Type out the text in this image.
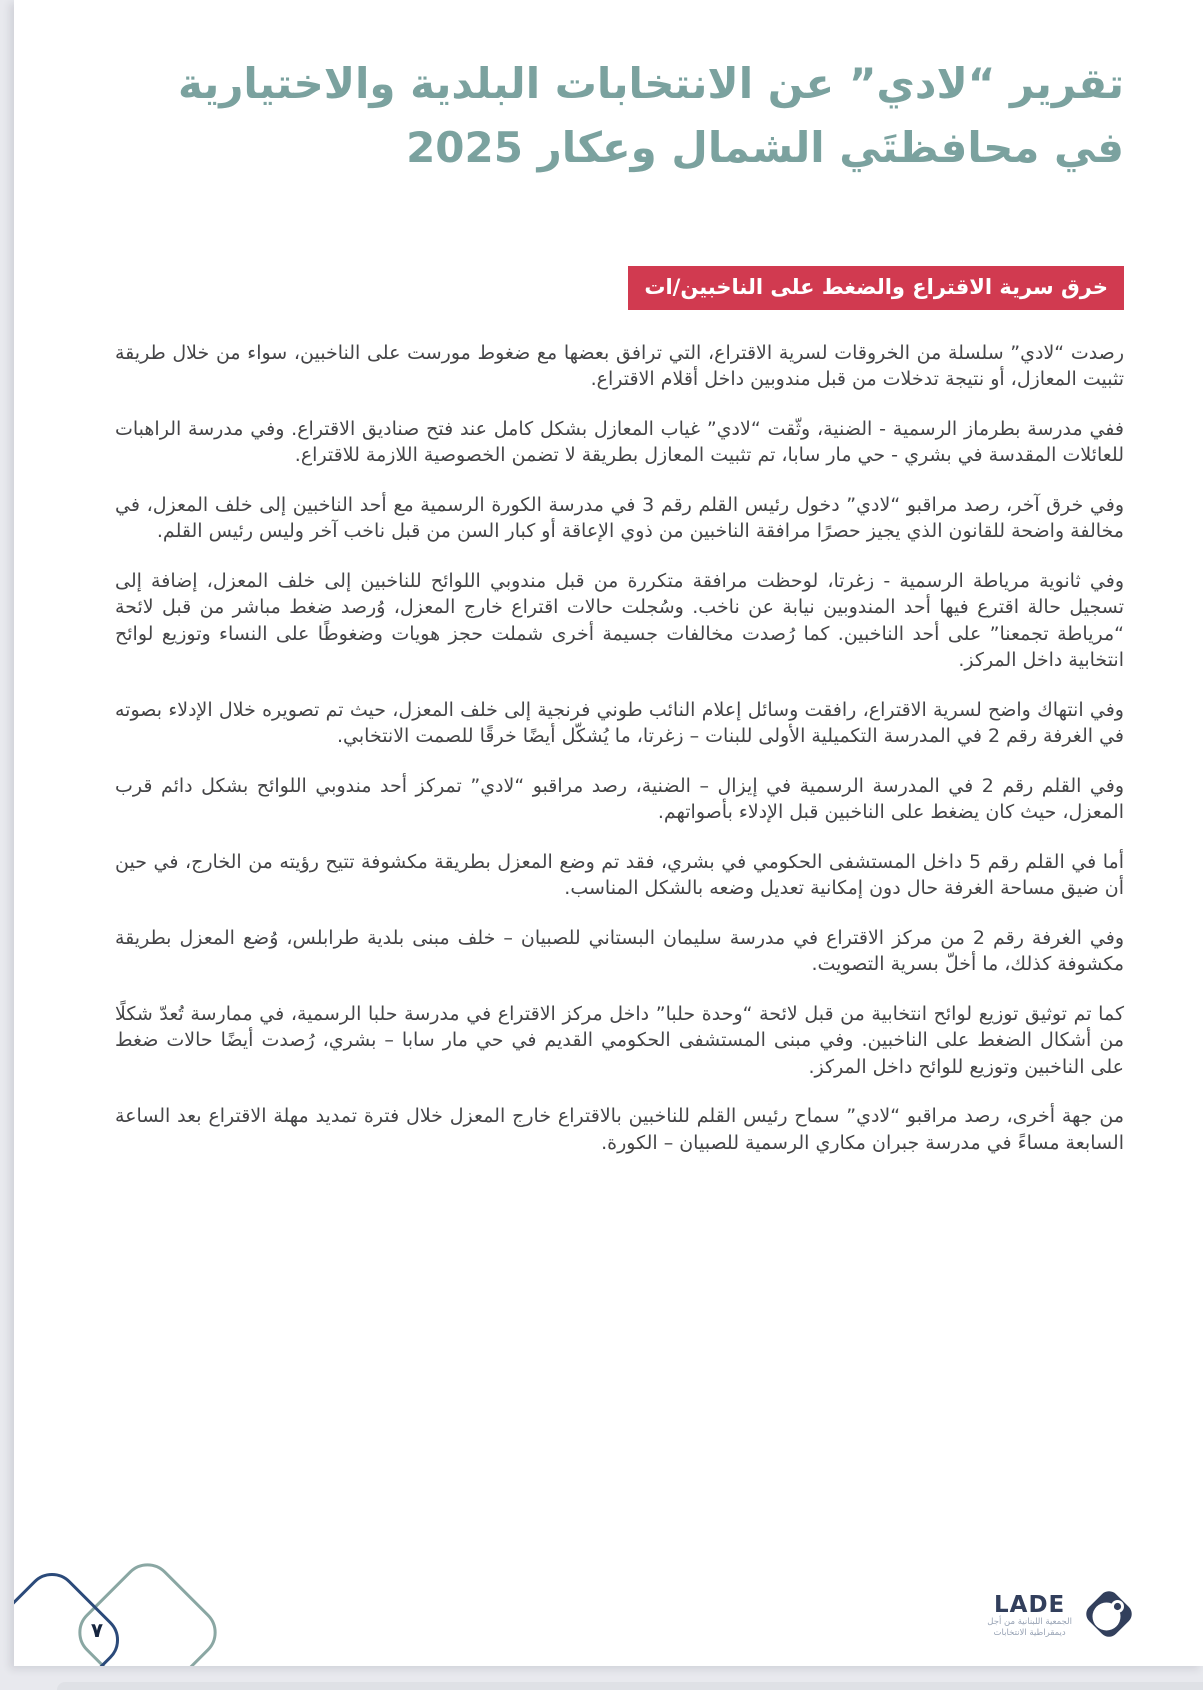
تقرير “لادي” عن الانتخابات البلدية والاختيارية
في محافظتَي الشمال وعكار 2025
خرق سرية الاقتراع والضغط على الناخبين/ات

رصدت “لادي” سلسلة من الخروقات لسرية الاقتراع، التي ترافق بعضها مع ضغوط مورست على الناخبين، سواء من خلال طريقة تثبيت المعازل، أو نتيجة تدخلات من قبل مندوبين داخل أقلام الاقتراع.

ففي مدرسة بطرماز الرسمية - الضنية، وثّقت “لادي” غياب المعازل بشكل كامل عند فتح صناديق الاقتراع. وفي مدرسة الراهبات للعائلات المقدسة في بشري - حي مار سابا، تم تثبيت المعازل بطريقة لا تضمن الخصوصية اللازمة للاقتراع.

وفي خرق آخر، رصد مراقبو “لادي” دخول رئيس القلم رقم 3 في مدرسة الكورة الرسمية مع أحد الناخبين إلى خلف المعزل، في مخالفة واضحة للقانون الذي يجيز حصرًا مرافقة الناخبين من ذوي الإعاقة أو كبار السن من قبل ناخب آخر وليس رئيس القلم.

وفي ثانوية مرياطة الرسمية - زغرتا، لوحظت مرافقة متكررة من قبل مندوبي اللوائح للناخبين إلى خلف المعزل، إضافة إلى تسجيل حالة اقترع فيها أحد المندوبين نيابة عن ناخب. وسُجلت حالات اقتراع خارج المعزل، وُرصد ضغط مباشر من قبل لائحة “مرياطة تجمعنا” على أحد الناخبين. كما رُصدت مخالفات جسيمة أخرى شملت حجز هويات وضغوطًا على النساء وتوزيع لوائح انتخابية داخل المركز.

وفي انتهاك واضح لسرية الاقتراع، رافقت وسائل إعلام النائب طوني فرنجية إلى خلف المعزل، حيث تم تصويره خلال الإدلاء بصوته في الغرفة رقم 2 في المدرسة التكميلية الأولى للبنات – زغرتا، ما يُشكّل أيضًا خرقًا للصمت الانتخابي.

وفي القلم رقم 2 في المدرسة الرسمية في إيزال – الضنية، رصد مراقبو “لادي” تمركز أحد مندوبي اللوائح بشكل دائم قرب المعزل، حيث كان يضغط على الناخبين قبل الإدلاء بأصواتهم.

أما في القلم رقم 5 داخل المستشفى الحكومي في بشري، فقد تم وضع المعزل بطريقة مكشوفة تتيح رؤيته من الخارج، في حين أن ضيق مساحة الغرفة حال دون إمكانية تعديل وضعه بالشكل المناسب.

وفي الغرفة رقم 2 من مركز الاقتراع في مدرسة سليمان البستاني للصبيان – خلف مبنى بلدية طرابلس، وُضع المعزل بطريقة مكشوفة كذلك، ما أخلّ بسرية التصويت.

كما تم توثيق توزيع لوائح انتخابية من قبل لائحة “وحدة حلبا” داخل مركز الاقتراع في مدرسة حلبا الرسمية، في ممارسة تُعدّ شكلًا من أشكال الضغط على الناخبين. وفي مبنى المستشفى الحكومي القديم في حي مار سابا – بشري، رُصدت أيضًا حالات ضغط على الناخبين وتوزيع للوائح داخل المركز.

من جهة أخرى، رصد مراقبو “لادي” سماح رئيس القلم للناخبين بالاقتراع خارج المعزل خلال فترة تمديد مهلة الاقتراع بعد الساعة السابعة مساءً في مدرسة جبران مكاري الرسمية للصبيان – الكورة.

٧
LADE
الجمعية اللبنانية من أجل
ديمقراطية الانتخابات
